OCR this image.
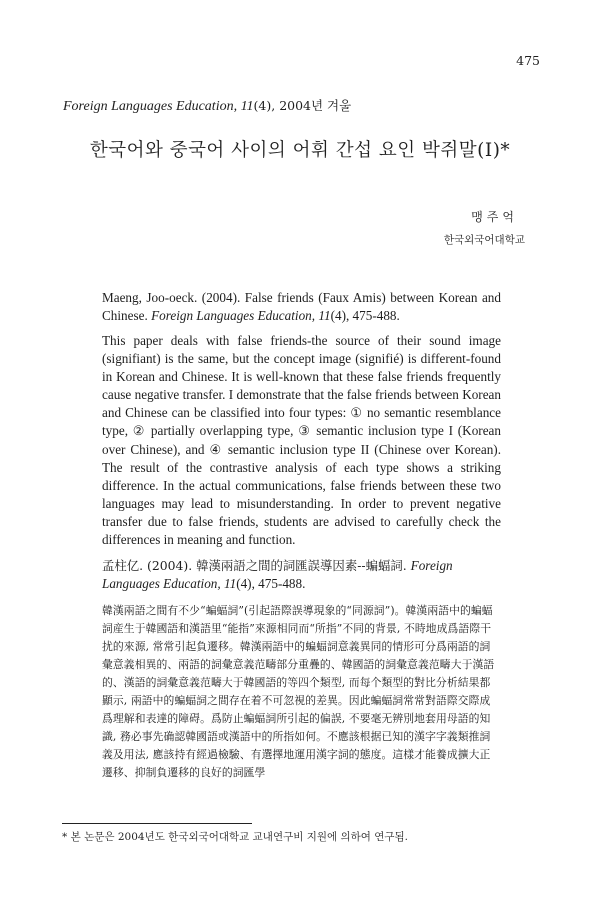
475
Foreign Languages Education, 11(4), 2004년 겨울
한국어와 중국어 사이의 어휘 간섭 요인 박쥐말(I)*
맹주억
한국외국어대학교
Maeng, Joo-oeck. (2004). False friends (Faux Amis) between Korean and Chinese. Foreign Languages Education, 11(4), 475-488.
This paper deals with false friends-the source of their sound image (signifiant) is the same, but the concept image (signifié) is different-found in Korean and Chinese. It is well-known that these false friends frequently cause negative transfer. I demonstrate that the false friends between Korean and Chinese can be classified into four types: ① no semantic resemblance type, ② partially overlapping type, ③ semantic inclusion type I (Korean over Chinese), and ④ semantic inclusion type II (Chinese over Korean). The result of the contrastive analysis of each type shows a striking difference. In the actual communications, false friends between these two languages may lead to misunderstanding. In order to prevent negative transfer due to false friends, students are advised to carefully check the differences in meaning and function.
孟柱亿. (2004). 韓漢兩語之間的詞匯誤導因素--蝙蝠詞. Foreign Languages Education, 11(4), 475-488.
韓漢兩語之間有不少“蝙蝠詞”(引起語際誤導現象的“同源詞”)。韓漢兩語中的蝙蝠詞産生于韓國語和漢語里“能指”來源相同而“所指”不同的背景, 不時地成爲語際干扰的來源, 常常引起負遷移。韓漢兩語中的蝙蝠詞意義異同的情形可分爲兩語的詞彙意義相異的、兩語的詞彙意義范疇部分重疊的、韓國語的詞彙意義范疇大于漢語的、漢語的詞彙意義范疇大于韓國語的等四个類型, 而每个類型的對比分析結果都顯示, 兩語中的蝙蝠詞之間存在着不可忽視的差異。因此蝙蝠詞常常對語際交際成爲理解和表達的障碍。爲防止蝙蝠詞所引起的偏誤, 不要毫无辨別地套用母語的知識, 務必事先确認韓國語或漢語中的所指如何。不應該根据已知的漢字字義類推詞義及用法, 應該持有經過檢驗、有選擇地運用漢字詞的態度。這樣才能養成擴大正遷移、抑制負遷移的良好的詞匯學
* 본 논문은 2004년도 한국외국어대학교 교내연구비 지원에 의하여 연구됨.
